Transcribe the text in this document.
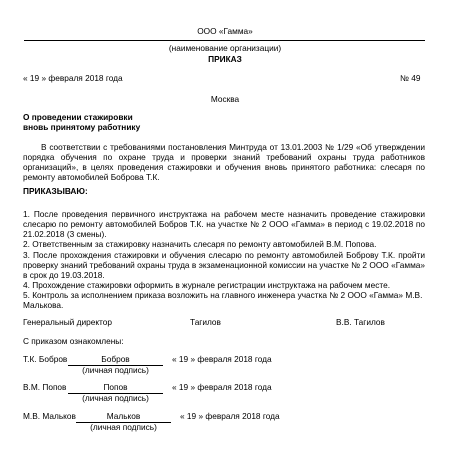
ООО «Гамма»
(наименование организации)
ПРИКАЗ
« 19 » февраля 2018 года	№ 49
Москва
О проведении стажировки
вновь принятому работнику
В соответствии с требованиями постановления Минтруда от 13.01.2003 № 1/29 «Об утверждении порядка обучения по охране труда и проверки знаний требований охраны труда работников организаций», в целях проведения стажировки и обучения вновь принятого работника: слесаря по ремонту автомобилей Боброва Т.К.
ПРИКАЗЫВАЮ:
1. После проведения первичного инструктажа на рабочем месте назначить проведение стажировки слесарю по ремонту автомобилей Бобров Т.К. на участке № 2 ООО «Гамма» в период с 19.02.2018 по 21.02.2018 (3 смены).
2. Ответственным за стажировку назначить слесаря по ремонту автомобилей В.М. Попова.
3. После прохождения стажировки и обучения слесарю по ремонту автомобилей Боброву Т.К. пройти проверку знаний требований охраны труда в экзаменационной комиссии на участке № 2 ООО «Гамма» в срок до 19.03.2018.
4. Прохождение стажировки оформить в журнале регистрации инструктажа на рабочем месте.
5. Контроль за исполнением приказа возложить на главного инженера участка № 2 ООО «Гамма» М.В. Малькова.
Генеральный директор	Тагилов	В.В. Тагилов
С приказом ознакомлены:
Т.К. Бобров	Бобров	« 19 » февраля 2018 года
(личная подпись)
В.М. Попов	Попов	« 19 » февраля 2018 года
(личная подпись)
М.В. Мальков	Мальков	« 19 » февраля 2018 года
(личная подпись)
